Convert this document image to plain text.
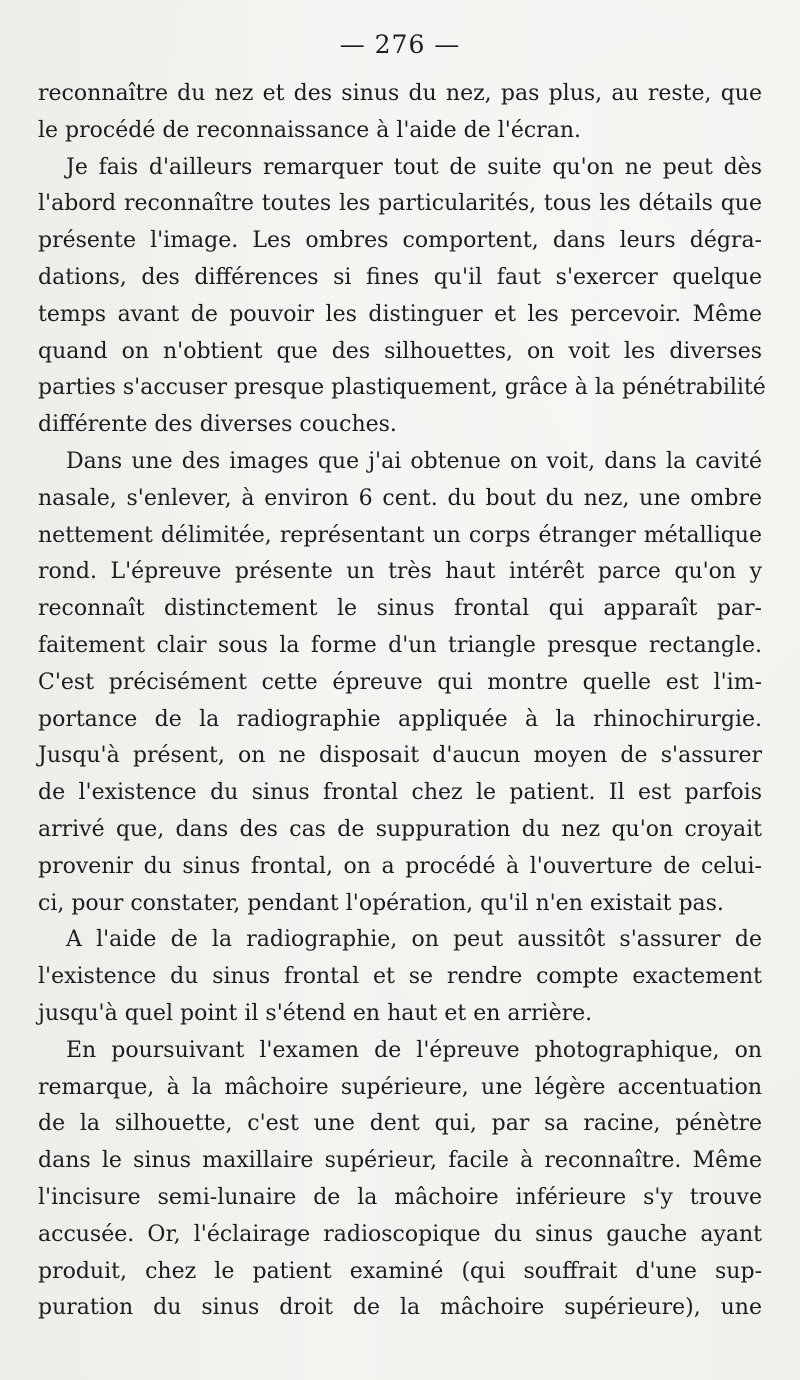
— 276 —
reconnaître du nez et des sinus du nez, pas plus, au reste, que
le procédé de reconnaissance à l'aide de l'écran.
Je fais d'ailleurs remarquer tout de suite qu'on ne peut dès
l'abord reconnaître toutes les particularités, tous les détails que
présente l'image. Les ombres comportent, dans leurs dégra-
dations, des différences si fines qu'il faut s'exercer quelque
temps avant de pouvoir les distinguer et les percevoir. Même
quand on n'obtient que des silhouettes, on voit les diverses
parties s'accuser presque plastiquement, grâce à la pénétrabilité
différente des diverses couches.
Dans une des images que j'ai obtenue on voit, dans la cavité
nasale, s'enlever, à environ 6 cent. du bout du nez, une ombre
nettement délimitée, représentant un corps étranger métallique
rond. L'épreuve présente un très haut intérêt parce qu'on y
reconnaît distinctement le sinus frontal qui apparaît par-
faitement clair sous la forme d'un triangle presque rectangle.
C'est précisément cette épreuve qui montre quelle est l'im-
portance de la radiographie appliquée à la rhinochirurgie.
Jusqu'à présent, on ne disposait d'aucun moyen de s'assurer
de l'existence du sinus frontal chez le patient. Il est parfois
arrivé que, dans des cas de suppuration du nez qu'on croyait
provenir du sinus frontal, on a procédé à l'ouverture de celui-
ci, pour constater, pendant l'opération, qu'il n'en existait pas.
A l'aide de la radiographie, on peut aussitôt s'assurer de
l'existence du sinus frontal et se rendre compte exactement
jusqu'à quel point il s'étend en haut et en arrière.
En poursuivant l'examen de l'épreuve photographique, on
remarque, à la mâchoire supérieure, une légère accentuation
de la silhouette, c'est une dent qui, par sa racine, pénètre
dans le sinus maxillaire supérieur, facile à reconnaître. Même
l'incisure semi-lunaire de la mâchoire inférieure s'y trouve
accusée. Or, l'éclairage radioscopique du sinus gauche ayant
produit, chez le patient examiné (qui souffrait d'une sup-
puration du sinus droit de la mâchoire supérieure), une
